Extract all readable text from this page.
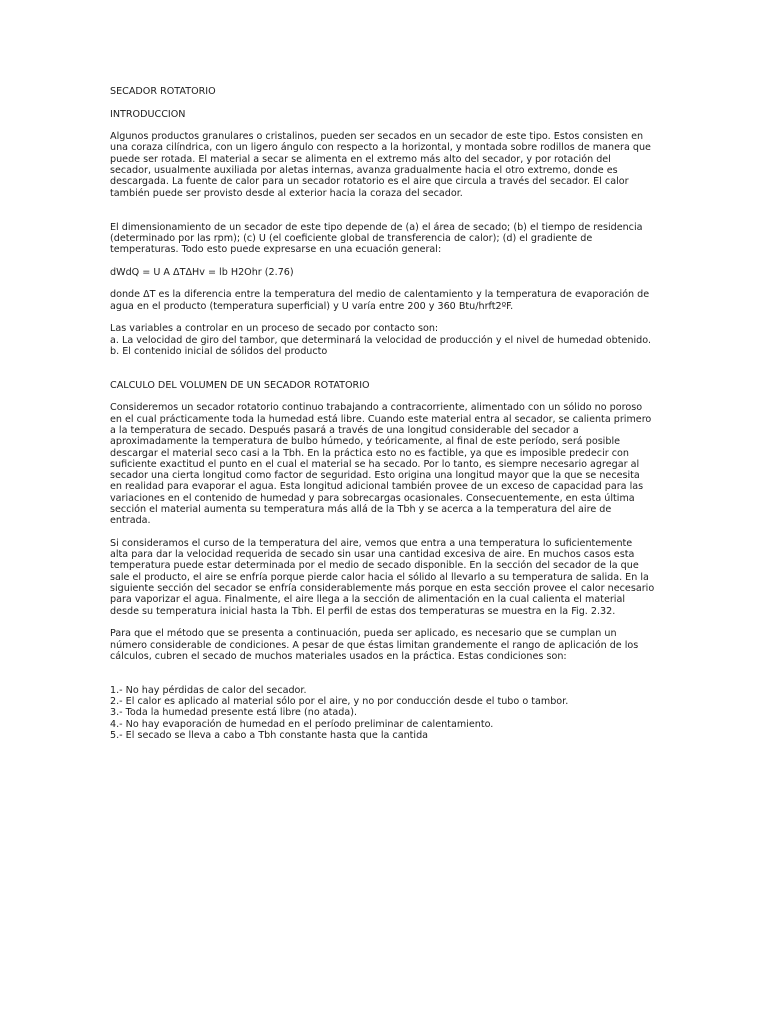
SECADOR ROTATORIO
INTRODUCCION
Algunos productos granulares o cristalinos, pueden ser secados en un secador de este tipo. Estos consisten en
una coraza cilíndrica, con un ligero ángulo con respecto a la horizontal, y montada sobre rodillos de manera que
puede ser rotada. El material a secar se alimenta en el extremo más alto del secador, y por rotación del
secador, usualmente auxiliada por aletas internas, avanza gradualmente hacia el otro extremo, donde es
descargada. La fuente de calor para un secador rotatorio es el aire que circula a través del secador. El calor
también puede ser provisto desde al exterior hacia la coraza del secador.
El dimensionamiento de un secador de este tipo depende de (a) el área de secado; (b) el tiempo de residencia
(determinado por las rpm); (c) U (el coeficiente global de transferencia de calor); (d) el gradiente de
temperaturas. Todo esto puede expresarse en una ecuación general:
dWdQ = U A ΔTΔHv = lb H2Ohr (2.76)
donde ΔT es la diferencia entre la temperatura del medio de calentamiento y la temperatura de evaporación de
agua en el producto (temperatura superficial) y U varía entre 200 y 360 Btu/hrft2ºF.
Las variables a controlar en un proceso de secado por contacto son:
a. La velocidad de giro del tambor, que determinará la velocidad de producción y el nivel de humedad obtenido.
b. El contenido inicial de sólidos del producto
CALCULO DEL VOLUMEN DE UN SECADOR ROTATORIO
Consideremos un secador rotatorio continuo trabajando a contracorriente, alimentado con un sólido no poroso
en el cual prácticamente toda la humedad está libre. Cuando este material entra al secador, se calienta primero
a la temperatura de secado. Después pasará a través de una longitud considerable del secador a
aproximadamente la temperatura de bulbo húmedo, y teóricamente, al final de este período, será posible
descargar el material seco casi a la Tbh. En la práctica esto no es factible, ya que es imposible predecir con
suficiente exactitud el punto en el cual el material se ha secado. Por lo tanto, es siempre necesario agregar al
secador una cierta longitud como factor de seguridad. Esto origina una longitud mayor que la que se necesita
en realidad para evaporar el agua. Esta longitud adicional también provee de un exceso de capacidad para las
variaciones en el contenido de humedad y para sobrecargas ocasionales. Consecuentemente, en esta última
sección el material aumenta su temperatura más allá de la Tbh y se acerca a la temperatura del aire de
entrada.
Si consideramos el curso de la temperatura del aire, vemos que entra a una temperatura lo suficientemente
alta para dar la velocidad requerida de secado sin usar una cantidad excesiva de aire. En muchos casos esta
temperatura puede estar determinada por el medio de secado disponible. En la sección del secador de la que
sale el producto, el aire se enfría porque pierde calor hacia el sólido al llevarlo a su temperatura de salida. En la
siguiente sección del secador se enfría considerablemente más porque en esta sección provee el calor necesario
para vaporizar el agua. Finalmente, el aire llega a la sección de alimentación en la cual calienta el material
desde su temperatura inicial hasta la Tbh. El perfil de estas dos temperaturas se muestra en la Fig. 2.32.
Para que el método que se presenta a continuación, pueda ser aplicado, es necesario que se cumplan un
número considerable de condiciones. A pesar de que éstas limitan grandemente el rango de aplicación de los
cálculos, cubren el secado de muchos materiales usados en la práctica. Estas condiciones son:
1.- No hay pérdidas de calor del secador.
2.- El calor es aplicado al material sólo por el aire, y no por conducción desde el tubo o tambor.
3.- Toda la humedad presente está libre (no atada).
4.- No hay evaporación de humedad en el período preliminar de calentamiento.
5.- El secado se lleva a cabo a Tbh constante hasta que la cantida
